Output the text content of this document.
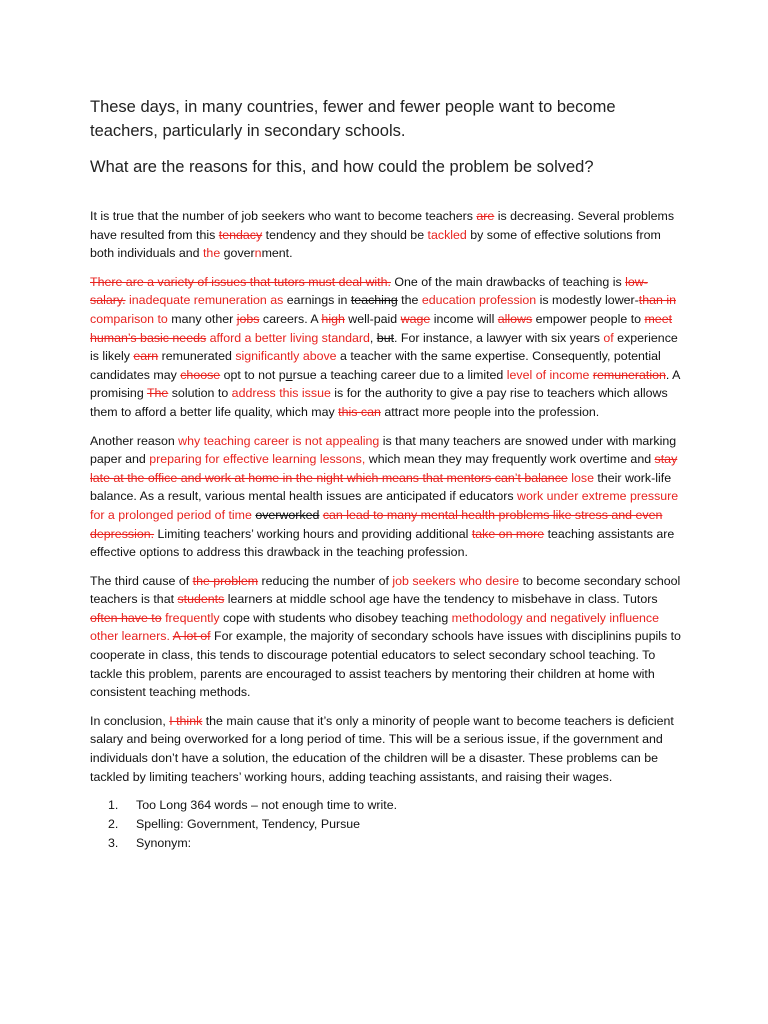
These days, in many countries, fewer and fewer people want to become teachers, particularly in secondary schools.
What are the reasons for this, and how could the problem be solved?

It is true that the number of job seekers who want to become teachers are is decreasing. Several problems have resulted from this tendacy tendency and they should be tackled by some of effective solutions from both individuals and the government.

There are a variety of issues that tutors must deal with. One of the main drawbacks of teaching is low-salary. inadequate remuneration as earnings in teaching the education profession is modestly lower-than in comparison to many other jobs careers. A high well-paid wage income will allows empower people to meet human’s basic needs afford a better living standard, but. For instance, a lawyer with six years of experience is likely earn remunerated significantly above a teacher with the same expertise. Consequently, potential candidates may choose opt to not pursue a teaching career due to a limited level of income remuneration. A promising The solution to address this issue is for the authority to give a pay rise to teachers which allows them to afford a better life quality, which may this can attract more people into the profession.

Another reason why teaching career is not appealing is that many teachers are snowed under with marking paper and preparing for effective learning lessons, which mean they may frequently work overtime and stay late at the office and work at home in the night which means that mentors can’t balance lose their work-life balance. As a result, various mental health issues are anticipated if educators work under extreme pressure for a prolonged period of time overworked can lead to many mental health problems like stress and even depression. Limiting teachers’ working hours and providing additional take on more teaching assistants are effective options to address this drawback in the teaching profession.

The third cause of the problem reducing the number of job seekers who desire to become secondary school teachers is that students learners at middle school age have the tendency to misbehave in class. Tutors often have to frequently cope with students who disobey teaching methodology and negatively influence other learners. A lot of For example, the majority of secondary schools have issues with disciplinins pupils to cooperate in class, this tends to discourage potential educators to select secondary school teaching. To tackle this problem, parents are encouraged to assist teachers by mentoring their children at home with consistent teaching methods.

In conclusion, I think the main cause that it’s only a minority of people want to become teachers is deficient salary and being overworked for a long period of time. This will be a serious issue, if the government and individuals don’t have a solution, the education of the children will be a disaster. These problems can be tackled by limiting teachers’ working hours, adding teaching assistants, and raising their wages.

1. Too Long 364 words – not enough time to write.
2. Spelling: Government, Tendency, Pursue
3. Synonym:
